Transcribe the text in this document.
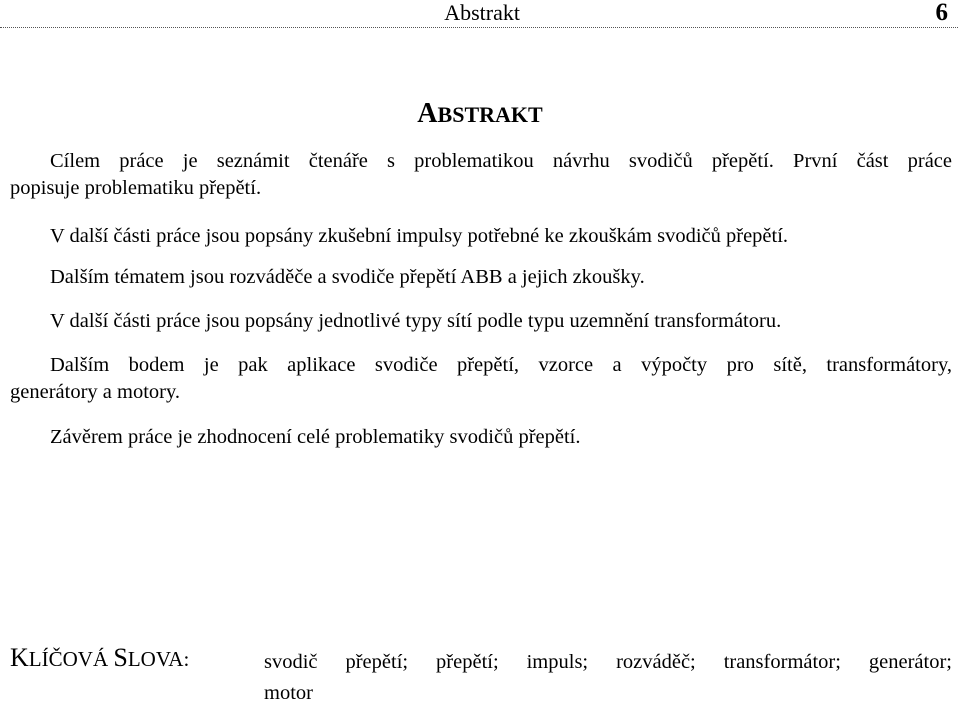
Abstrakt	6
ABSTRAKT
Cílem práce je seznámit čtenáře s problematikou návrhu svodičů přepětí. První část práce
popisuje problematiku přepětí.
V další části práce jsou popsány zkušební impulsy potřebné ke zkouškám svodičů přepětí.
Dalším tématem jsou rozváděče a svodiče přepětí ABB a jejich zkoušky.
V další části práce jsou popsány jednotlivé typy sítí podle typu uzemnění transformátoru.
Dalším bodem je pak aplikace svodiče přepětí, vzorce a výpočty pro sítě, transformátory,
generátory a motory.
Závěrem práce je zhodnocení celé problematiky svodičů přepětí.
KLÍČOVÁ SLOVA:	svodič přepětí; přepětí; impuls; rozváděč; transformátor; generátor;
motor
